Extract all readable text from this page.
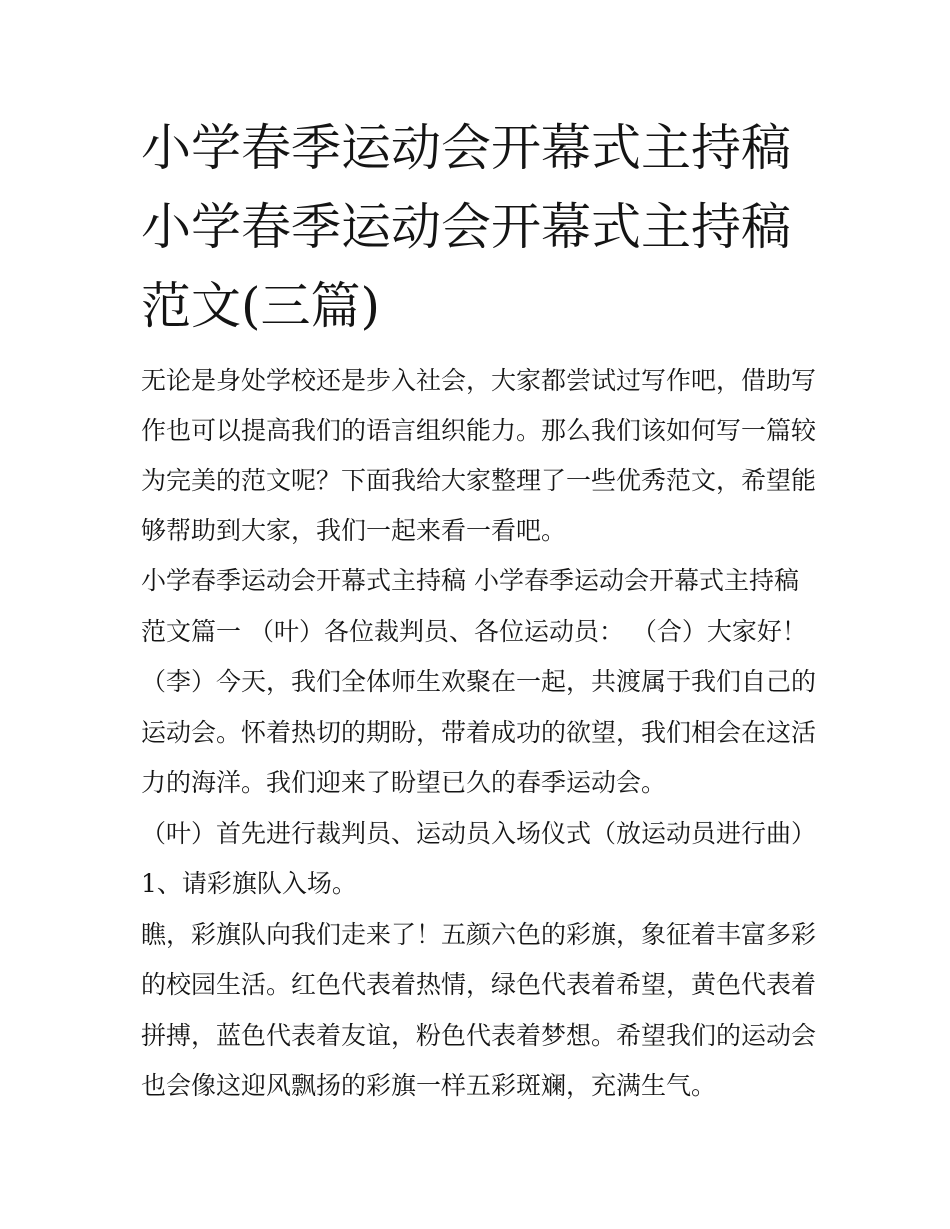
小学春季运动会开幕式主持稿
小学春季运动会开幕式主持稿
范文(三篇)
无论是身处学校还是步入社会，大家都尝试过写作吧，借助写
作也可以提高我们的语言组织能力。那么我们该如何写一篇较
为完美的范文呢？下面我给大家整理了一些优秀范文，希望能
够帮助到大家，我们一起来看一看吧。
小学春季运动会开幕式主持稿 小学春季运动会开幕式主持稿
范文篇一 （叶）各位裁判员、各位运动员： （合）大家好！
（李）今天，我们全体师生欢聚在一起，共渡属于我们自己的
运动会。怀着热切的期盼，带着成功的欲望，我们相会在这活
力的海洋。我们迎来了盼望已久的春季运动会。
（叶）首先进行裁判员、运动员入场仪式（放运动员进行曲）
1、请彩旗队入场。
瞧，彩旗队向我们走来了！五颜六色的彩旗，象征着丰富多彩
的校园生活。红色代表着热情，绿色代表着希望，黄色代表着
拼搏，蓝色代表着友谊，粉色代表着梦想。希望我们的运动会
也会像这迎风飘扬的彩旗一样五彩斑斓，充满生气。
